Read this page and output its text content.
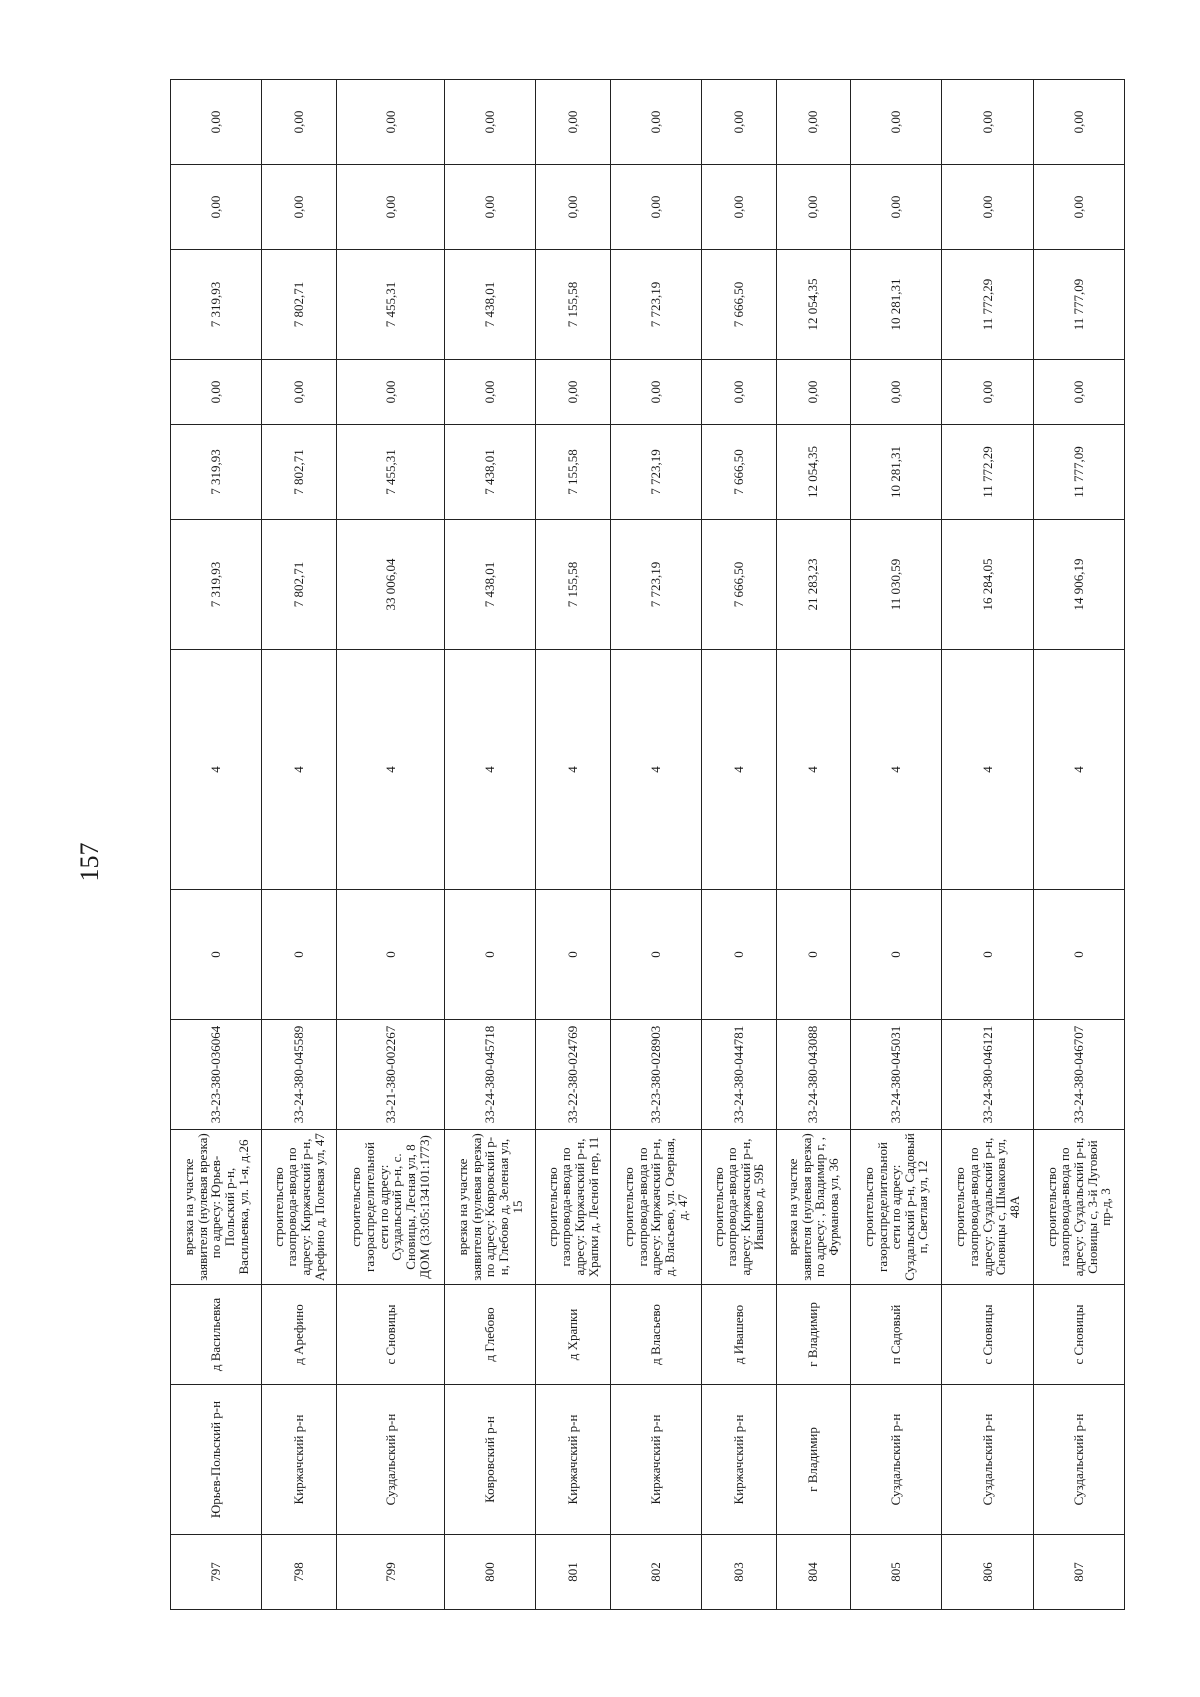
157
797	Юрьев-Польский р-н	д Васильевка	врезка на участке заявителя (нулевая врезка) по адресу: Юрьев-Польский р-н, Васильевка, ул. 1-я, д.26	33-23-380-036064	0	4	7 319,93	7 319,93	0,00	7 319,93	0,00	0,00
798	Киржачский р-н	д Арефино	строительство газопровода-ввода по адресу: Киржачский р-н, Арефино д, Полевая ул, 47	33-24-380-045589	0	4	7 802,71	7 802,71	0,00	7 802,71	0,00	0,00
799	Суздальский р-н	с Сновицы	строительство газораспределительной сети по адресу: Суздальский р-н, с. Сновицы, Лесная ул, 8 ДОМ (33:05:134101:1773)	33-21-380-002267	0	4	33 006,04	7 455,31	0,00	7 455,31	0,00	0,00
800	Ковровский р-н	д Глебово	врезка на участке заявителя (нулевая врезка) по адресу: Ковровский р-н, Глебово д, Зеленая ул, 15	33-24-380-045718	0	4	7 438,01	7 438,01	0,00	7 438,01	0,00	0,00
801	Киржачский р-н	д Храпки	строительство газопровода-ввода по адресу: Киржачский р-н, Храпки д, Лесной пер, 11	33-22-380-024769	0	4	7 155,58	7 155,58	0,00	7 155,58	0,00	0,00
802	Киржачский р-н	д Власьево	строительство газопровода-ввода по адресу: Киржачский р-н, д. Власьево, ул. Озерная, д. 47	33-23-380-028903	0	4	7 723,19	7 723,19	0,00	7 723,19	0,00	0,00
803	Киржачский р-н	д Ивашево	строительство газопровода-ввода по адресу: Киржачский р-н, Ивашево д, 59Б	33-24-380-044781	0	4	7 666,50	7 666,50	0,00	7 666,50	0,00	0,00
804	г Владимир	г Владимир	врезка на участке заявителя (нулевая врезка) по адресу: , Владимир г, , Фурманова ул, 36	33-24-380-043088	0	4	21 283,23	12 054,35	0,00	12 054,35	0,00	0,00
805	Суздальский р-н	п Садовый	строительство газораспределительной сети по адресу: Суздальский р-н, Садовый п, Светлая ул, 12	33-24-380-045031	0	4	11 030,59	10 281,31	0,00	10 281,31	0,00	0,00
806	Суздальский р-н	с Сновицы	строительство газопровода-ввода по адресу: Суздальский р-н, Сновицы с, Шмакова ул, 48А	33-24-380-046121	0	4	16 284,05	11 772,29	0,00	11 772,29	0,00	0,00
807	Суздальский р-н	с Сновицы	строительство газопровода-ввода по адресу: Суздальский р-н, Сновицы с, 3-й Луговой пр-д, 3	33-24-380-046707	0	4	14 906,19	11 777,09	0,00	11 777,09	0,00	0,00
